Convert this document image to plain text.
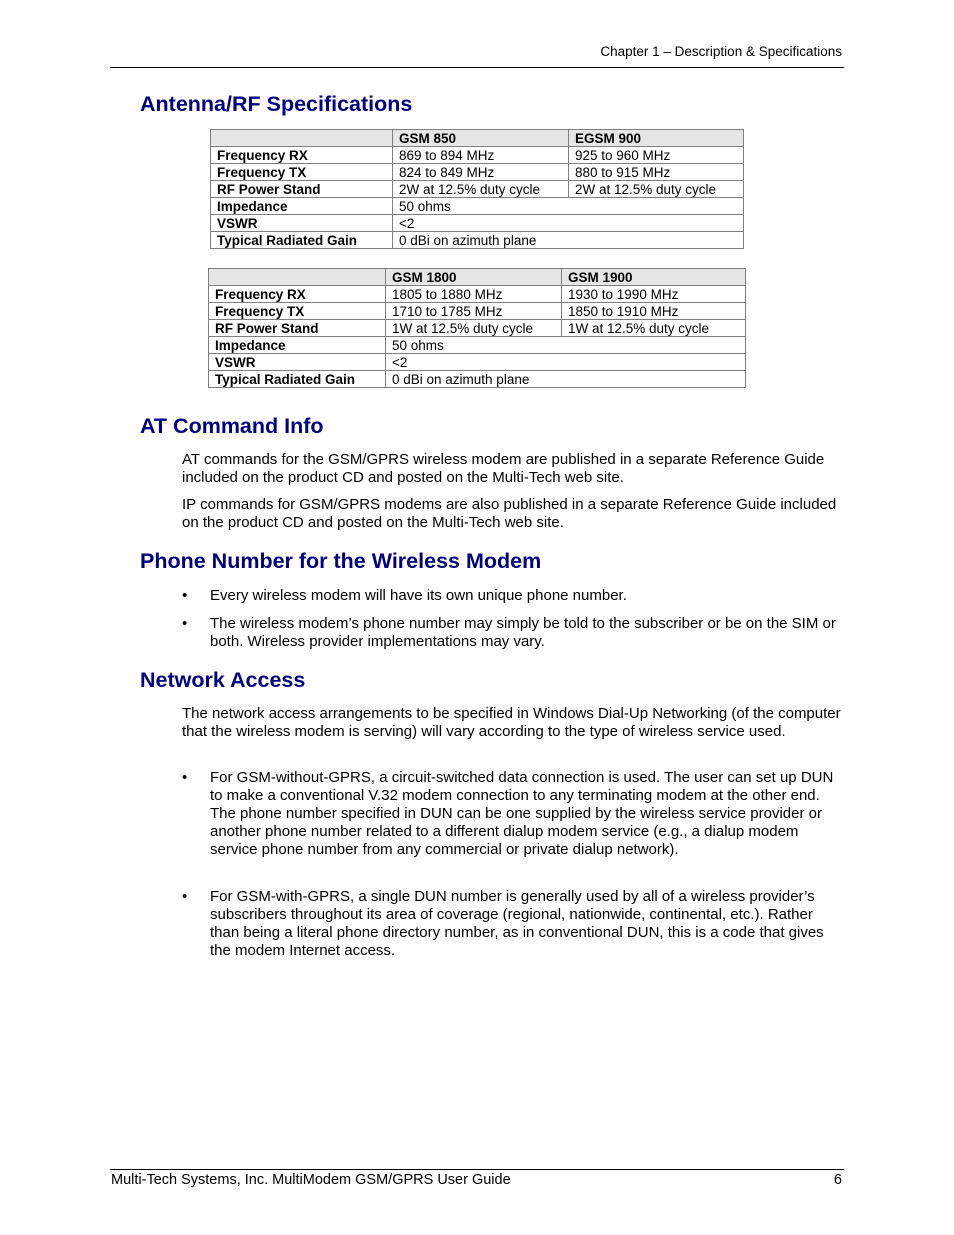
Chapter 1 – Description & Specifications
Antenna/RF Specifications
	GSM 850	EGSM 900
Frequency RX	869 to 894 MHz	925 to 960 MHz
Frequency TX	824 to 849 MHz	880 to 915 MHz
RF Power Stand	2W at 12.5% duty cycle	2W at 12.5% duty cycle
Impedance	50 ohms	
VSWR	<2	
Typical Radiated Gain	0 dBi on azimuth plane	
	GSM 1800	GSM 1900
Frequency RX	1805 to 1880 MHz	1930 to 1990 MHz
Frequency TX	1710 to 1785 MHz	1850 to 1910 MHz
RF Power Stand	1W at 12.5% duty cycle	1W at 12.5% duty cycle
Impedance	50 ohms	
VSWR	<2	
Typical Radiated Gain	0 dBi on azimuth plane	
AT Command Info

AT commands for the GSM/GPRS wireless modem are published in a separate Reference Guide included on the product CD and posted on the Multi-Tech web site.

IP commands for GSM/GPRS modems are also published in a separate Reference Guide included on the product CD and posted on the Multi-Tech web site.

Phone Number for the Wireless Modem
• Every wireless modem will have its own unique phone number.
• The wireless modem’s phone number may simply be told to the subscriber or be on the SIM or both. Wireless provider implementations may vary.
Network Access

The network access arrangements to be specified in Windows Dial-Up Networking (of the computer that the wireless modem is serving) will vary according to the type of wireless service used.

• For GSM-without-GPRS, a circuit-switched data connection is used. The user can set up DUN to make a conventional V.32 modem connection to any terminating modem at the other end. The phone number specified in DUN can be one supplied by the wireless service provider or another phone number related to a different dialup modem service (e.g., a dialup modem service phone number from any commercial or private dialup network).
• For GSM-with-GPRS, a single DUN number is generally used by all of a wireless provider’s subscribers throughout its area of coverage (regional, nationwide, continental, etc.). Rather than being a literal phone directory number, as in conventional DUN, this is a code that gives the modem Internet access.
Multi-Tech Systems, Inc. MultiModem GSM/GPRS User Guide	6
